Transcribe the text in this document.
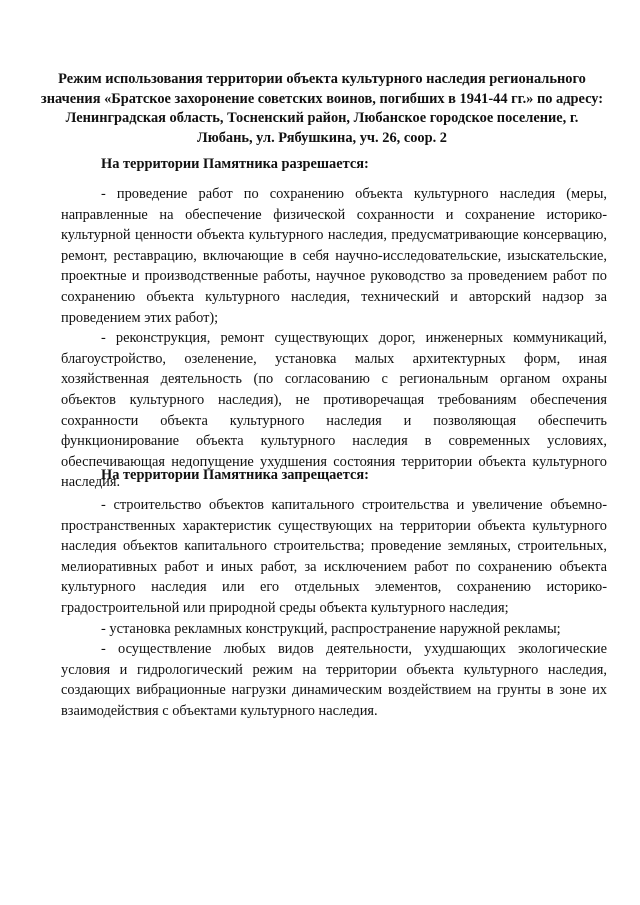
Режим использования территории объекта культурного наследия регионального значения «Братское захоронение советских воинов, погибших в 1941-44 гг.» по адресу: Ленинградская область, Тосненский район, Любанское городское поселение, г. Любань, ул. Рябушкина, уч. 26, соор. 2
На территории Памятника разрешается:

- проведение работ по сохранению объекта культурного наследия (меры, направленные на обеспечение физической сохранности и сохранение историко-культурной ценности объекта культурного наследия, предусматривающие консервацию, ремонт, реставрацию, включающие в себя научно-исследовательские, изыскательские, проектные и производственные работы, научное руководство за проведением работ по сохранению объекта культурного наследия, технический и авторский надзор за проведением этих работ);

- реконструкция, ремонт существующих дорог, инженерных коммуникаций, благоустройство, озеленение, установка малых архитектурных форм, иная хозяйственная деятельность (по согласованию с региональным органом охраны объектов культурного наследия), не противоречащая требованиям обеспечения сохранности объекта культурного наследия и позволяющая обеспечить функционирование объекта культурного наследия в современных условиях, обеспечивающая недопущение ухудшения состояния территории объекта культурного наследия.

На территории Памятника запрещается:

- строительство объектов капитального строительства и увеличение объемно-пространственных характеристик существующих на территории объекта культурного наследия объектов капитального строительства; проведение земляных, строительных, мелиоративных работ и иных работ, за исключением работ по сохранению объекта культурного наследия или его отдельных элементов, сохранению историко-градостроительной или природной среды объекта культурного наследия;

- установка рекламных конструкций, распространение наружной рекламы;

- осуществление любых видов деятельности, ухудшающих экологические условия и гидрологический режим на территории объекта культурного наследия, создающих вибрационные нагрузки динамическим воздействием на грунты в зоне их взаимодействия с объектами культурного наследия.
